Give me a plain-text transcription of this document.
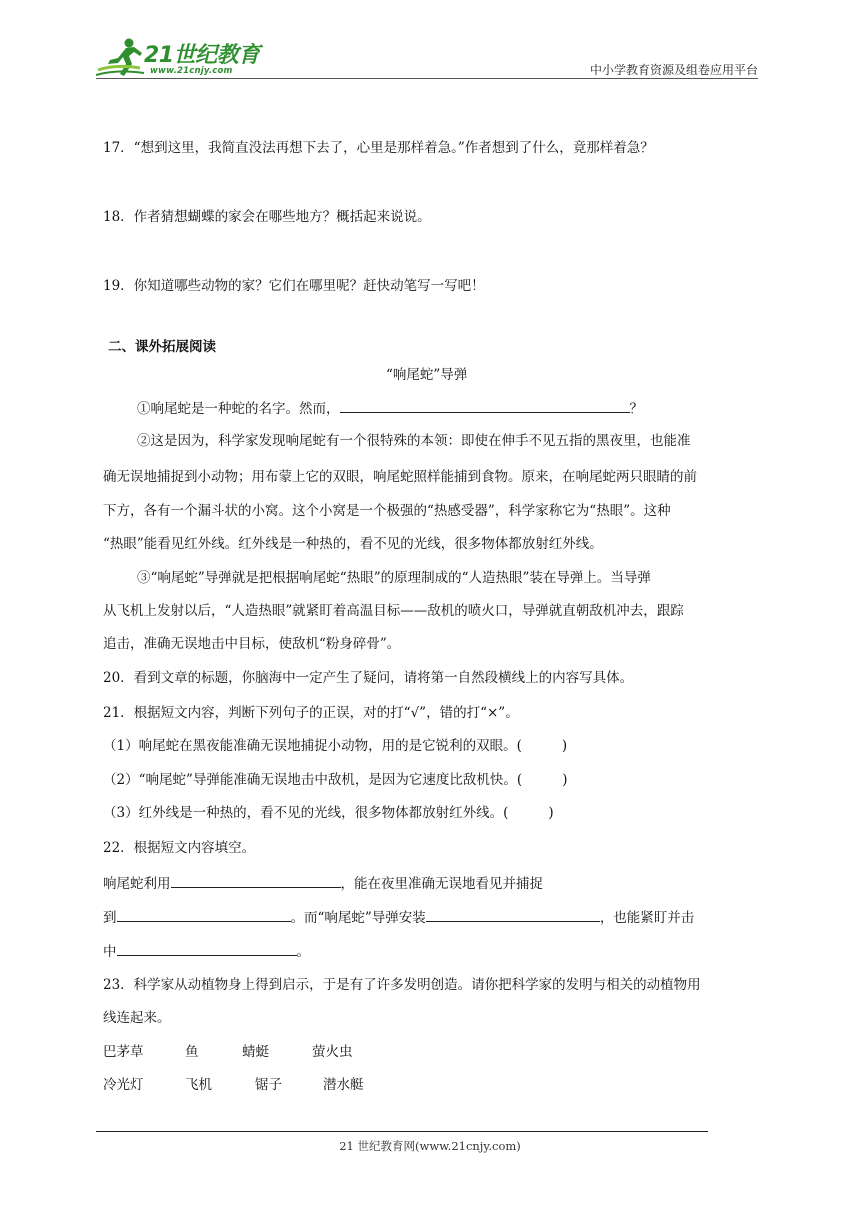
21世纪教育
www.21cnjy.com	中小学教育资源及组卷应用平台
17．“想到这里，我简直没法再想下去了，心里是那样着急。”作者想到了什么，竟那样着急？
18．作者猜想蝴蝶的家会在哪些地方？概括起来说说。
19．你知道哪些动物的家？它们在哪里呢？赶快动笔写一写吧！
二、课外拓展阅读
“响尾蛇”导弹
①响尾蛇是一种蛇的名字。然而，	？
②这是因为，科学家发现响尾蛇有一个很特殊的本领：即使在伸手不见五指的黑夜里，也能准
确无误地捕捉到小动物；用布蒙上它的双眼，响尾蛇照样能捕到食物。原来，在响尾蛇两只眼睛的前
下方，各有一个漏斗状的小窝。这个小窝是一个极强的“热感受器”，科学家称它为“热眼”。这种
“热眼”能看见红外线。红外线是一种热的，看不见的光线，很多物体都放射红外线。
③“响尾蛇”导弹就是把根据响尾蛇“热眼”的原理制成的“人造热眼”装在导弹上。当导弹
从飞机上发射以后，“人造热眼”就紧盯着高温目标——敌机的喷火口，导弹就直朝敌机冲去，跟踪
追击，准确无误地击中目标，使敌机“粉身碎骨”。
20．看到文章的标题，你脑海中一定产生了疑问，请将第一自然段横线上的内容写具体。
21．根据短文内容，判断下列句子的正误，对的打“√”，错的打“×”。
（1）响尾蛇在黑夜能准确无误地捕捉小动物，用的是它锐利的双眼。(	)
（2）“响尾蛇”导弹能准确无误地击中敌机，是因为它速度比敌机快。(	)
（3）红外线是一种热的，看不见的光线，很多物体都放射红外线。(	)
22．根据短文内容填空。
响尾蛇利用	，能在夜里准确无误地看见并捕捉
到	。而“响尾蛇”导弹安装	，也能紧盯并击
中	。
23．科学家从动植物身上得到启示，于是有了许多发明创造。请你把科学家的发明与相关的动植物用
线连起来。
巴茅草	鱼	蜻蜓	萤火虫
冷光灯	飞机	锯子	潜水艇
21 世纪教育网(www.21cnjy.com)
